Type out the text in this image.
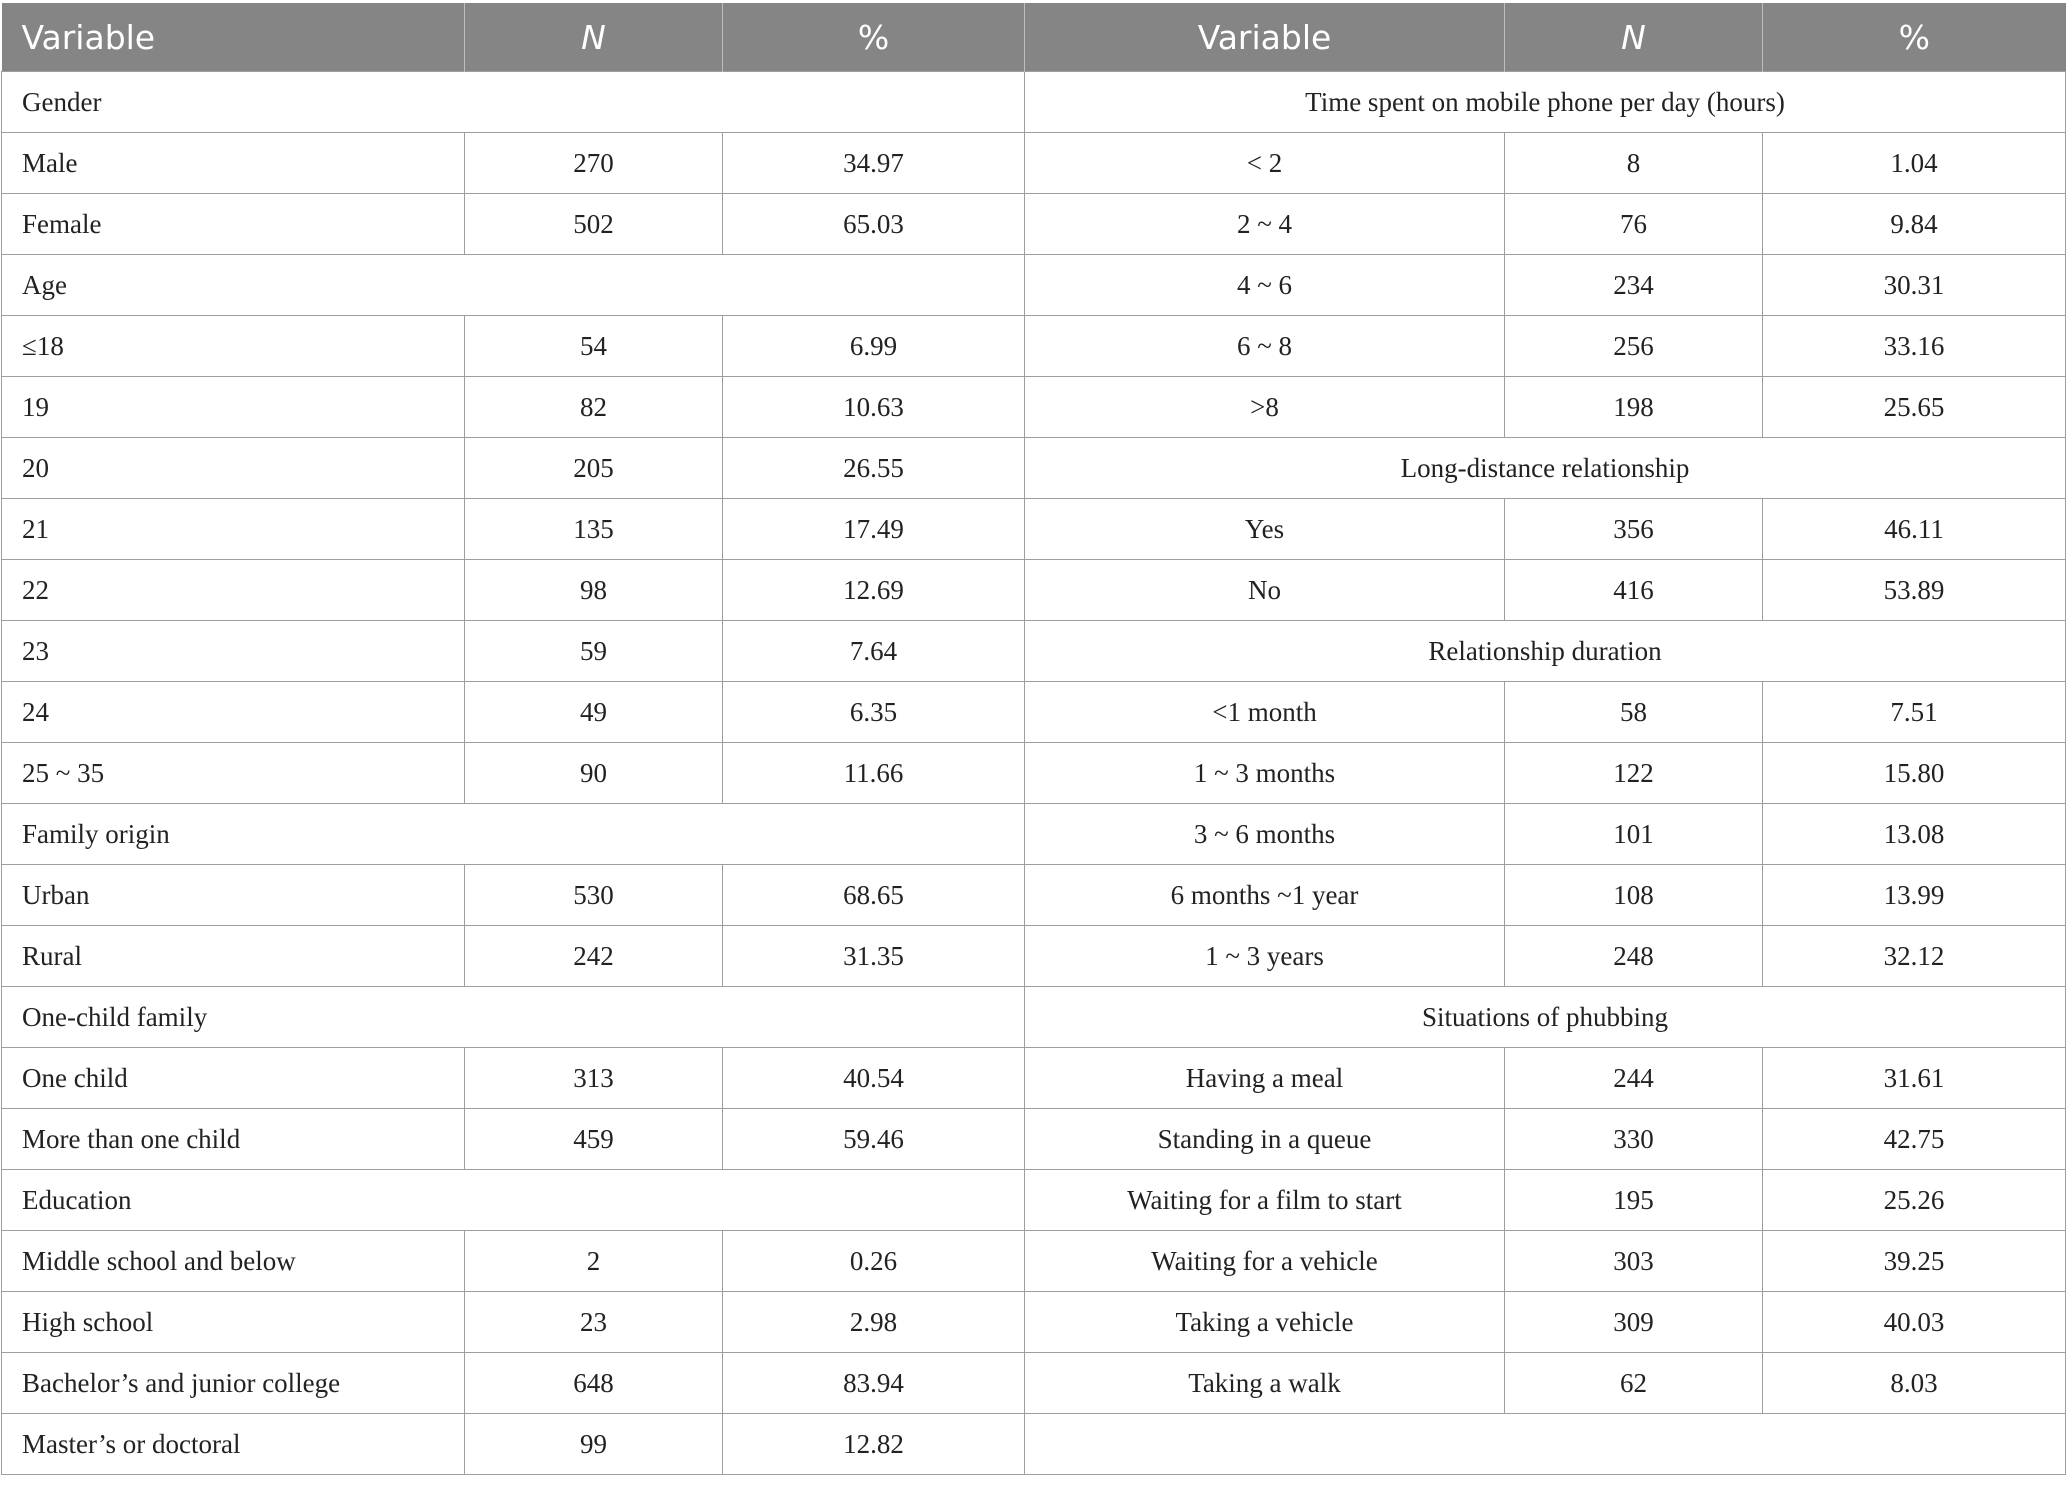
Variable	N	%	Variable	N	%
Gender			Time spent on mobile phone per day (hours)		
Male	270	34.97	< 2	8	1.04
Female	502	65.03	2 ~ 4	76	9.84
Age			4 ~ 6	234	30.31
≤18	54	6.99	6 ~ 8	256	33.16
19	82	10.63	>8	198	25.65
20	205	26.55	Long-distance relationship		
21	135	17.49	Yes	356	46.11
22	98	12.69	No	416	53.89
23	59	7.64	Relationship duration		
24	49	6.35	<1 month	58	7.51
25 ~ 35	90	11.66	1 ~ 3 months	122	15.80
Family origin			3 ~ 6 months	101	13.08
Urban	530	68.65	6 months ~1 year	108	13.99
Rural	242	31.35	1 ~ 3 years	248	32.12
One-child family			Situations of phubbing		
One child	313	40.54	Having a meal	244	31.61
More than one child	459	59.46	Standing in a queue	330	42.75
Education			Waiting for a film to start	195	25.26
Middle school and below	2	0.26	Waiting for a vehicle	303	39.25
High school	23	2.98	Taking a vehicle	309	40.03
Bachelor’s and junior college	648	83.94	Taking a walk	62	8.03
Master’s or doctoral	99	12.82			
